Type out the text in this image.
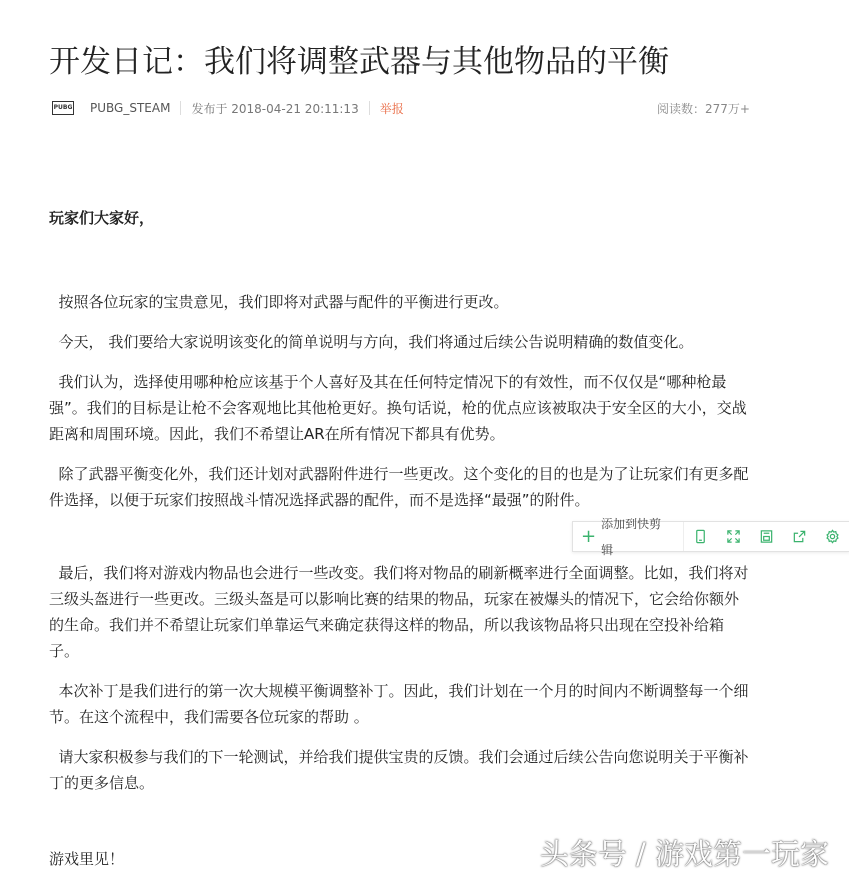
开发日记：我们将调整武器与其他物品的平衡
PUBG PUBG_STEAM 发布于 2018-04-21 20:11:13 举报	阅读数：277万+

玩家们大家好，

按照各位玩家的宝贵意见，我们即将对武器与配件的平衡进行更改。

今天， 我们要给大家说明该变化的简单说明与方向，我们将通过后续公告说明精确的数值变化。

我们认为，选择使用哪种枪应该基于个人喜好及其在任何特定情况下的有效性，而不仅仅是“哪种枪最强”。我们的目标是让枪不会客观地比其他枪更好。换句话说，枪的优点应该被取决于安全区的大小，交战距离和周围环境。因此，我们不希望让AR在所有情况下都具有优势。

除了武器平衡变化外，我们还计划对武器附件进行一些更改。这个变化的目的也是为了让玩家们有更多配件选择，以便于玩家们按照战斗情况选择武器的配件，而不是选择“最强”的附件。

+
添加到快剪辑

最后，我们将对游戏内物品也会进行一些改变。我们将对物品的刷新概率进行全面调整。比如，我们将对三级头盔进行一些更改。三级头盔是可以影响比赛的结果的物品，玩家在被爆头的情况下，它会给你额外的生命。我们并不希望让玩家们单靠运气来确定获得这样的物品，所以我该物品将只出现在空投补给箱子。

本次补丁是我们进行的第一次大规模平衡调整补丁。因此，我们计划在一个月的时间内不断调整每一个细节。在这个流程中，我们需要各位玩家的帮助 。

请大家积极参与我们的下一轮测试，并给我们提供宝贵的反馈。我们会通过后续公告向您说明关于平衡补丁的更多信息。

游戏里见！	头条号 / 游戏第一玩家
